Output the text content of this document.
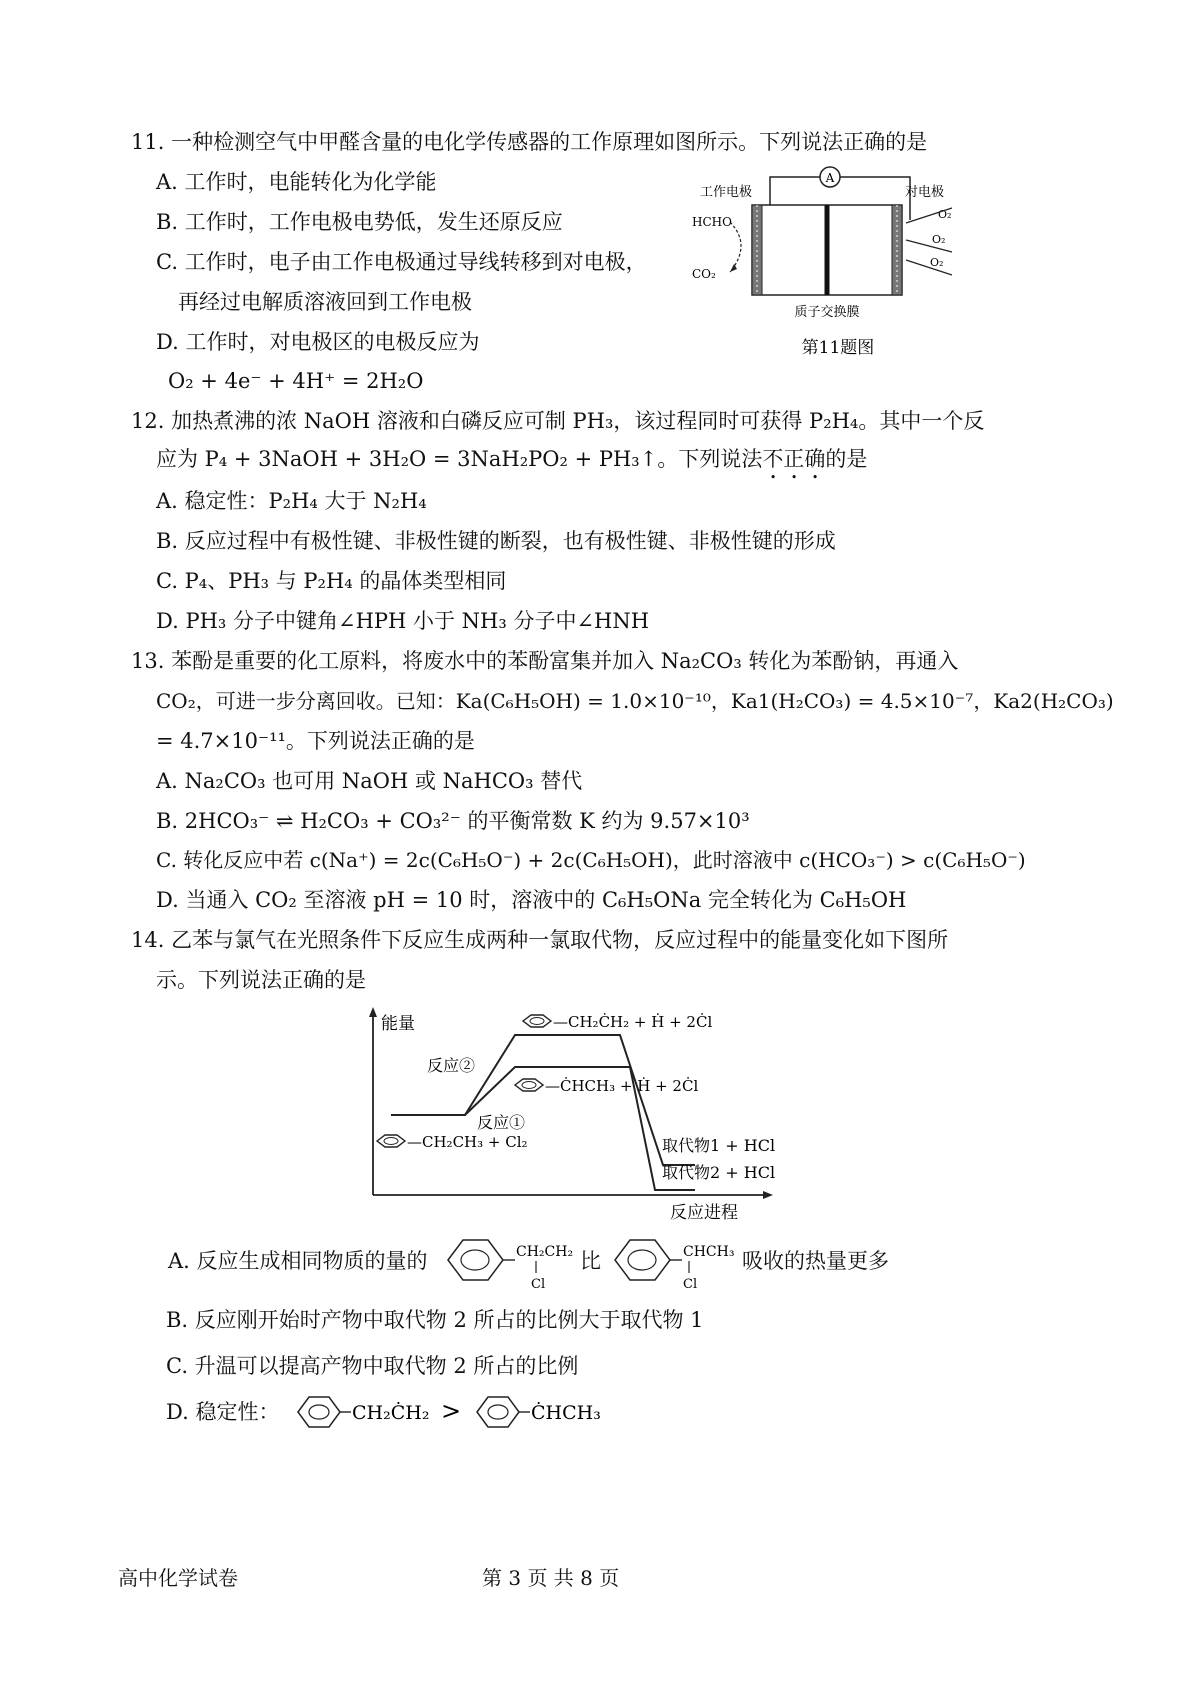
11. 一种检测空气中甲醛含量的电化学传感器的工作原理如图所示。下列说法正确的是
A. 工作时，电能转化为化学能
B. 工作时，工作电极电势低，发生还原反应
C. 工作时，电子由工作电极通过导线转移到对电极，
再经过电解质溶液回到工作电极
D. 工作时，对电极区的电极反应为
O₂ + 4e⁻ + 4H⁺ = 2H₂O
A
工作电极	对电极
HCHO
CO₂
O₂
O₂
O₂
质子交换膜
第11题图
12. 加热煮沸的浓 NaOH 溶液和白磷反应可制 PH₃，该过程同时可获得 P₂H₄。其中一个反
应为 P₄ + 3NaOH + 3H₂O = 3NaH₂PO₂ + PH₃↑。下列说法不正确的是
A. 稳定性：P₂H₄ 大于 N₂H₄
B. 反应过程中有极性键、非极性键的断裂，也有极性键、非极性键的形成
C. P₄、PH₃ 与 P₂H₄ 的晶体类型相同
D. PH₃ 分子中键角∠HPH 小于 NH₃ 分子中∠HNH
13. 苯酚是重要的化工原料，将废水中的苯酚富集并加入 Na₂CO₃ 转化为苯酚钠，再通入
CO₂，可进一步分离回收。已知：Ka(C₆H₅OH) = 1.0×10⁻¹⁰，Ka1(H₂CO₃) = 4.5×10⁻⁷，Ka2(H₂CO₃)
= 4.7×10⁻¹¹。下列说法正确的是
A. Na₂CO₃ 也可用 NaOH 或 NaHCO₃ 替代
B. 2HCO₃⁻ ⇌ H₂CO₃ + CO₃²⁻ 的平衡常数 K 约为 9.57×10³
C. 转化反应中若 c(Na⁺) = 2c(C₆H₅O⁻) + 2c(C₆H₅OH)，此时溶液中 c(HCO₃⁻) > c(C₆H₅O⁻)
D. 当通入 CO₂ 至溶液 pH = 10 时，溶液中的 C₆H₅ONa 完全转化为 C₆H₅OH
14. 乙苯与氯气在光照条件下反应生成两种一氯取代物，反应过程中的能量变化如下图所
示。下列说法正确的是
能量
反应进程
—CH₂ĊH₂ + Ḣ + 2Ċl
—ĊHCH₃ + Ḣ + 2Ċl
—CH₂CH₃ + Cl₂
反应②
反应①
取代物1 + HCl
取代物2 + HCl
A. 反应生成相同物质的量的	CH₂CH₂
Cl
比	CHCH₃
Cl
吸收的热量更多
B. 反应刚开始时产物中取代物 2 所占的比例大于取代物 1
C. 升温可以提高产物中取代物 2 所占的比例
D. 稳定性：	CH₂ĊH₂ >	ĊHCH₃
高中化学试卷	第 3 页 共 8 页
